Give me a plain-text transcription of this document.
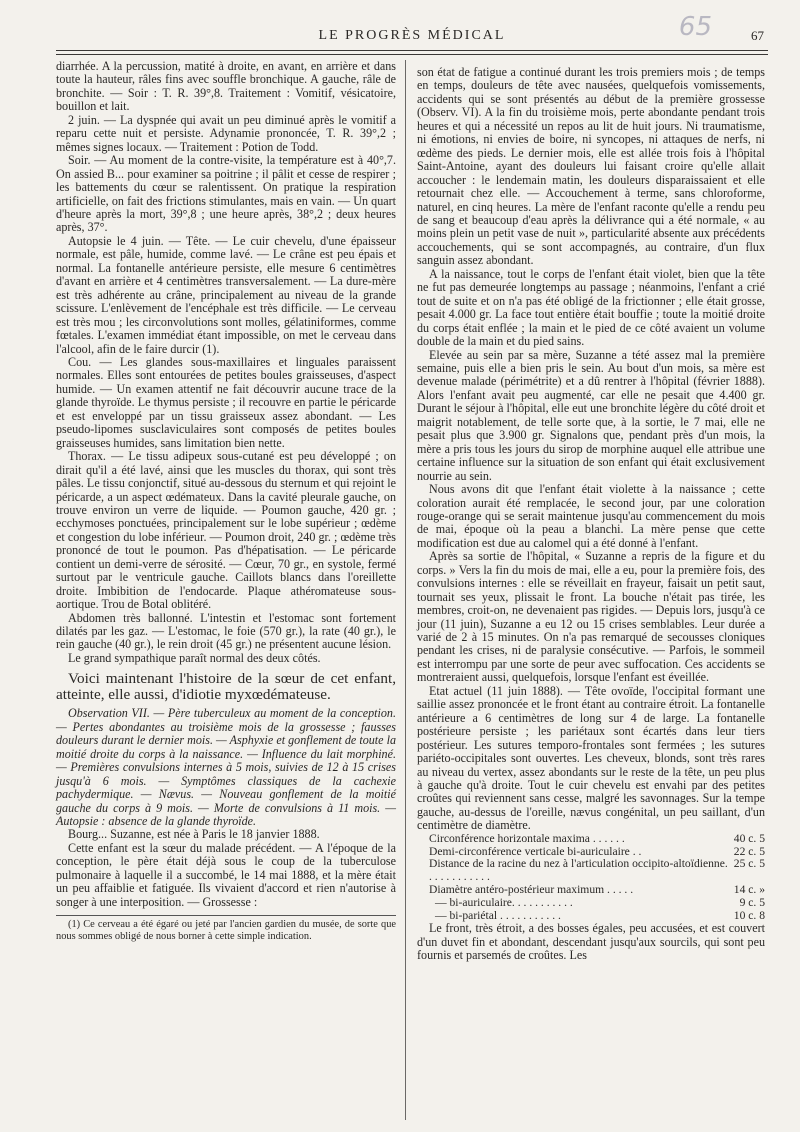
LE PROGRÈS MÉDICAL	65	67

diarrhée. A la percussion, matité à droite, en avant, en arrière et dans toute la hauteur, râles fins avec souffle bronchique. A gauche, râle de bronchite. — Soir : T. R. 39°,8. Traitement : Vomitif, vésicatoire, bouillon et lait.

2 juin. — La dyspnée qui avait un peu diminué après le vomitif a reparu cette nuit et persiste. Adynamie prononcée, T. R. 39°,2 ; mêmes signes locaux. — Traitement : Potion de Todd.

Soir. — Au moment de la contre-visite, la température est à 40°,7. On assied B... pour examiner sa poitrine ; il pâlit et cesse de respirer ; les battements du cœur se ralentissent. On pratique la respiration artificielle, on fait des frictions stimulantes, mais en vain. — Un quart d'heure après la mort, 39°,8 ; une heure après, 38°,2 ; deux heures après, 37°.

Autopsie le 4 juin. — Tête. — Le cuir chevelu, d'une épaisseur normale, est pâle, humide, comme lavé. — Le crâne est peu épais et normal. La fontanelle antérieure persiste, elle mesure 6 centimètres d'avant en arrière et 4 centimètres transversalement. — La dure-mère est très adhérente au crâne, principalement au niveau de la grande scissure. L'enlèvement de l'encéphale est très difficile. — Le cerveau est très mou ; les circonvolutions sont molles, gélatiniformes, comme fœtales. L'examen immédiat étant impossible, on met le cerveau dans l'alcool, afin de le faire durcir (1).

Cou. — Les glandes sous-maxillaires et linguales paraissent normales. Elles sont entourées de petites boules graisseuses, d'aspect humide. — Un examen attentif ne fait découvrir aucune trace de la glande thyroïde. Le thymus persiste ; il recouvre en partie le péricarde et est enveloppé par un tissu graisseux assez abondant. — Les pseudo-lipomes susclaviculaires sont composés de petites boules graisseuses humides, sans limitation bien nette.

Thorax. — Le tissu adipeux sous-cutané est peu développé ; on dirait qu'il a été lavé, ainsi que les muscles du thorax, qui sont très pâles. Le tissu conjonctif, situé au-dessous du sternum et qui rejoint le péricarde, a un aspect œdémateux. Dans la cavité pleurale gauche, on trouve environ un verre de liquide. — Poumon gauche, 420 gr. ; ecchymoses ponctuées, principalement sur le lobe supérieur ; œdème et congestion du lobe inférieur. — Poumon droit, 240 gr. ; œdème très prononcé de tout le poumon. Pas d'hépatisation. — Le péricarde contient un demi-verre de sérosité. — Cœur, 70 gr., en systole, fermé surtout par le ventricule gauche. Caillots blancs dans l'oreillette droite. Imbibition de l'endocarde. Plaque athéromateuse sous-aortique. Trou de Botal oblitéré.

Abdomen très ballonné. L'intestin et l'estomac sont fortement dilatés par les gaz. — L'estomac, le foie (570 gr.), la rate (40 gr.), le rein gauche (40 gr.), le rein droit (45 gr.) ne présentent aucune lésion.

Le grand sympathique paraît normal des deux côtés.

Voici maintenant l'histoire de la sœur de cet enfant, atteinte, elle aussi, d'idiotie myxœdémateuse.

Observation VII. — Père tuberculeux au moment de la conception. — Pertes abondantes au troisième mois de la grossesse ; fausses douleurs durant le dernier mois. — Asphyxie et gonflement de toute la moitié droite du corps à la naissance. — Influence du lait morphiné. — Premières convulsions internes à 5 mois, suivies de 12 à 15 crises jusqu'à 6 mois. — Symptômes classiques de la cachexie pachydermique. — Nævus. — Nouveau gonflement de la moitié gauche du corps à 9 mois. — Morte de convulsions à 11 mois. — Autopsie : absence de la glande thyroïde.

Bourg... Suzanne, est née à Paris le 18 janvier 1888.

Cette enfant est la sœur du malade précédent. — A l'époque de la conception, le père était déjà sous le coup de la tuberculose pulmonaire à laquelle il a succombé, le 14 mai 1888, et la mère était un peu affaiblie et fatiguée. Ils vivaient d'accord et rien n'autorise à songer à une interposition. — Grossesse :

(1) Ce cerveau a été égaré ou jeté par l'ancien gardien du musée, de sorte que nous sommes obligé de nous borner à cette simple indication.

son état de fatigue a continué durant les trois premiers mois ; de temps en temps, douleurs de tête avec nausées, quelquefois vomissements, accidents qui se sont présentés au début de la première grossesse (Observ. VI). A la fin du troisième mois, perte abondante pendant trois heures et qui a nécessité un repos au lit de huit jours. Ni traumatisme, ni émotions, ni envies de boire, ni syncopes, ni attaques de nerfs, ni œdème des pieds. Le dernier mois, elle est allée trois fois à l'hôpital Saint-Antoine, ayant des douleurs lui faisant croire qu'elle allait accoucher : le lendemain matin, les douleurs disparaissaient et elle retournait chez elle. — Accouchement à terme, sans chloroforme, naturel, en cinq heures. La mère de l'enfant raconte qu'elle a rendu peu de sang et beaucoup d'eau après la délivrance qui a été normale, « au moins plein un petit vase de nuit », particularité absente aux précédents accouchements, qui se sont accompagnés, au contraire, d'un flux sanguin assez abondant.

A la naissance, tout le corps de l'enfant était violet, bien que la tête ne fut pas demeurée longtemps au passage ; néanmoins, l'enfant a crié tout de suite et on n'a pas été obligé de la frictionner ; elle était grosse, pesait 4.000 gr. La face tout entière était bouffie ; toute la moitié droite du corps était enflée ; la main et le pied de ce côté avaient un volume double de la main et du pied sains.

Elevée au sein par sa mère, Suzanne a tété assez mal la première semaine, puis elle a bien pris le sein. Au bout d'un mois, sa mère est devenue malade (périmétrite) et a dû rentrer à l'hôpital (février 1888). Alors l'enfant avait peu augmenté, car elle ne pesait que 4.400 gr. Durant le séjour à l'hôpital, elle eut une bronchite légère du côté droit et maigrit notablement, de telle sorte que, à la sortie, le 7 mai, elle ne pesait plus que 3.900 gr. Signalons que, pendant près d'un mois, la mère a pris tous les jours du sirop de morphine auquel elle attribue une certaine influence sur la situation de son enfant qui était exclusivement nourrie au sein.

Nous avons dit que l'enfant était violette à la naissance ; cette coloration aurait été remplacée, le second jour, par une coloration rouge-orange qui se serait maintenue jusqu'au commencement du mois de mai, époque où la peau a blanchi. La mère pense que cette modification est due au calomel qui a été donné à l'enfant.

Après sa sortie de l'hôpital, « Suzanne a repris de la figure et du corps. » Vers la fin du mois de mai, elle a eu, pour la première fois, des convulsions internes : elle se réveillait en frayeur, faisait un petit saut, tournait ses yeux, plissait le front. La bouche n'était pas tirée, les membres, croit-on, ne devenaient pas rigides. — Depuis lors, jusqu'à ce jour (11 juin), Suzanne a eu 12 ou 15 crises semblables. Leur durée a varié de 2 à 15 minutes. On n'a pas remarqué de secousses cloniques pendant les crises, ni de paralysie consécutive. — Parfois, le sommeil est interrompu par une sorte de peur avec suffocation. Ces accidents se montreraient aussi, quelquefois, lorsque l'enfant est éveillée.

Etat actuel (11 juin 1888). — Tête ovoïde, l'occipital formant une saillie assez prononcée et le front étant au contraire étroit. La fontanelle antérieure a 6 centimètres de long sur 4 de large. La fontanelle postérieure persiste ; les pariétaux sont écartés dans leur tiers postérieur. Les sutures temporo-frontales sont fermées ; les sutures pariéto-occipitales sont ouvertes. Les cheveux, blonds, sont très rares au niveau du vertex, assez abondants sur le reste de la tête, un peu plus à gauche qu'à droite. Tout le cuir chevelu est envahi par des petites croûtes qui reviennent sans cesse, malgré les savonnages. Sur la tempe gauche, au-dessus de l'oreille, nævus congénital, un peu saillant, d'un centimètre de diamètre.

Circonférence horizontale maxima . . . . . .	40 c. 5
Demi-circonférence verticale bi-auriculaire . .	22 c. 5
Distance de la racine du nez à l'articulation occipito-altoïdienne. . . . . . . . . . . .
25 c. 5
Diamètre antéro-postérieur maximum . . . . .	14 c. »
— bi-auriculaire. . . . . . . . . . .	9 c. 5
— bi-pariétal . . . . . . . . . . .	10 c. 8

Le front, très étroit, a des bosses égales, peu accusées, et est couvert d'un duvet fin et abondant, descendant jusqu'aux sourcils, qui sont peu fournis et parsemés de croûtes. Les
